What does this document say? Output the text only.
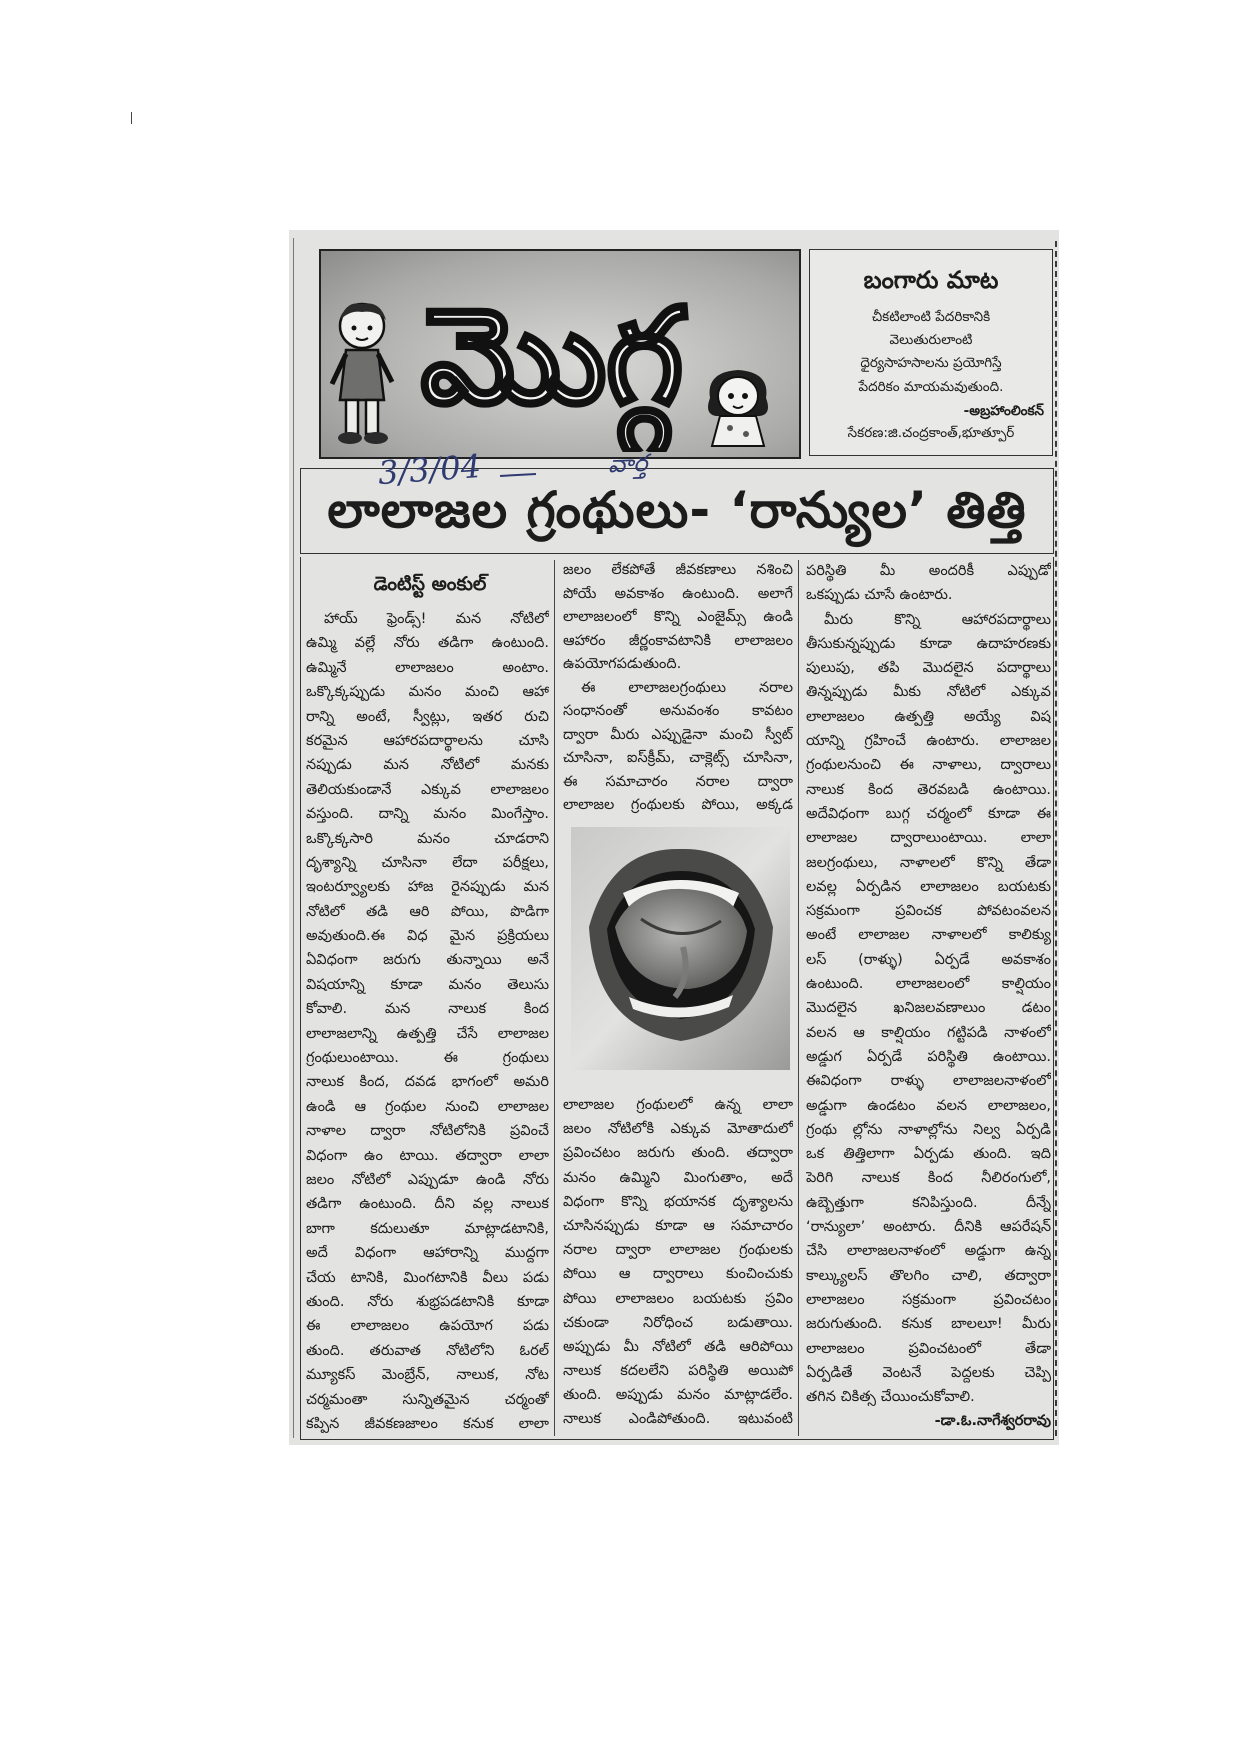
మొగ్గ	బంగారు మాట
చీకటిలాంటి పేదరికానికి
వెలుతురులాంటి
ధైర్యసాహసాలను ప్రయోగిస్తే
పేదరికం మాయమవుతుంది.
-అబ్రహాంలింకన్
సేకరణ:జి.చంద్రకాంత్,భూత్పూర్
లాలాజల గ్రంథులు- ‘రాన్యుల’ తిత్తి
3/3/04	వార్త
డెంటిస్ట్ అంకుల్
హాయ్ ఫ్రెండ్స్! మన నోటిలో
ఉమ్మి వల్లే నోరు తడిగా ఉంటుంది.
ఉమ్మినే లాలాజలం అంటాం.
ఒక్కొక్కప్పుడు మనం మంచి ఆహా
రాన్ని అంటే, స్వీట్లు, ఇతర రుచి
కరమైన ఆహారపదార్థాలను చూసి
నప్పుడు మన నోటిలో మనకు
తెలియకుండానే ఎక్కువ లాలాజలం
వస్తుంది. దాన్ని మనం మింగేస్తాం.
ఒక్కొక్కసారి మనం చూడరాని
దృశ్యాన్ని చూసినా లేదా పరీక్షలు,
ఇంటర్వ్యూలకు హాజ రైనప్పుడు మన
నోటిలో తడి ఆరి పోయి, పొడిగా
అవుతుంది.ఈ విధ మైన ప్రక్రియలు
ఏవిధంగా జరుగు తున్నాయి అనే
విషయాన్ని కూడా మనం తెలుసు
కోవాలి. మన నాలుక కింద
లాలాజలాన్ని ఉత్పత్తి చేసే లాలాజల
గ్రంథులుంటాయి. ఈ గ్రంథులు
నాలుక కింద, దవడ భాగంలో అమరి
ఉండి ఆ గ్రంథుల నుంచి లాలాజల
నాళాల ద్వారా నోటిలోనికి ప్రవించే
విధంగా ఉం టాయి. తద్వారా లాలా
జలం నోటిలో ఎప్పుడూ ఉండి నోరు
తడిగా ఉంటుంది. దీని వల్ల నాలుక
బాగా కదులుతూ మాట్లాడటానికి,
అదే విధంగా ఆహారాన్ని ముద్దగా
చేయ టానికి, మింగటానికి వీలు పడు
తుంది. నోరు శుభ్రపడటానికి కూడా
ఈ లాలాజలం ఉపయోగ పడు
తుంది. తరువాత నోటిలోని ఓరల్
మ్యూకస్ మెంబ్రేన్, నాలుక, నోట
చర్మమంతా సున్నితమైన చర్మంతో
కప్పిన జీవకణజాలం కనుక లాలా
జలం లేకపోతే జీవకణాలు నశించి
పోయే అవకాశం ఉంటుంది. అలాగే
లాలాజలంలో కొన్ని ఎంజైమ్స్ ఉండి
ఆహారం జీర్ణంకావటానికి లాలాజలం
ఉపయోగపడుతుంది.
ఈ లాలాజలగ్రంథులు నరాల
సంధానంతో అనువంశం కావటం
ద్వారా మీరు ఎప్పుడైనా మంచి స్వీట్
చూసినా, ఐస్‌క్రీమ్, చాక్లెట్స్ చూసినా,
ఈ సమాచారం నరాల ద్వారా
లాలాజల గ్రంథులకు పోయి, అక్కడ
లాలాజల గ్రంథులలో ఉన్న లాలా
జలం నోటిలోకి ఎక్కువ మోతాదులో
ప్రవించటం జరుగు తుంది. తద్వారా
మనం ఉమ్మిని మింగుతాం, అదే
విధంగా కొన్ని భయానక దృశ్యాలను
చూసినప్పుడు కూడా ఆ సమాచారం
నరాల ద్వారా లాలాజల గ్రంథులకు
పోయి ఆ ద్వారాలు కుంచించుకు
పోయి లాలాజలం బయటకు స్రవిం
చకుండా నిరోధించ బడుతాయి.
అప్పుడు మీ నోటిలో తడి ఆరిపోయి
నాలుక కదలలేని పరిస్థితి అయిపో
తుంది. అప్పుడు మనం మాట్లాడలేం.
నాలుక ఎండిపోతుంది. ఇటువంటి
పరిస్థితి మీ అందరికీ ఎప్పుడో
ఒకప్పుడు చూసే ఉంటారు.
మీరు కొన్ని ఆహారపదార్థాలు
తీసుకున్నప్పుడు కూడా ఉదాహరణకు
పులుపు, తపి మొదలైన పదార్థాలు
తిన్నప్పుడు మీకు నోటిలో ఎక్కువ
లాలాజలం ఉత్పత్తి అయ్యే విష
యాన్ని గ్రహించే ఉంటారు. లాలాజల
గ్రంథులనుంచి ఈ నాళాలు, ద్వారాలు
నాలుక కింద తెరవబడి ఉంటాయి.
అదేవిధంగా బుగ్గ చర్మంలో కూడా ఈ
లాలాజల ద్వారాలుంటాయి. లాలా
జలగ్రంథులు, నాళాలలో కొన్ని తేడా
లవల్ల ఏర్పడిన లాలాజలం బయటకు
సక్రమంగా ప్రవించక పోవటంవలన
అంటే లాలాజల నాళాలలో కాలిక్యు
లస్ (రాళ్ళు) ఏర్పడే అవకాశం
ఉంటుంది. లాలాజలంలో కాల్షియం
మొదలైన ఖనిజలవణాలుం డటం
వలన ఆ కాల్షియం గట్టిపడి నాళంలో
అడ్డుగ ఏర్పడే పరిస్థితి ఉంటాయి.
ఈవిధంగా రాళ్ళు లాలాజలనాళంలో
అడ్డుగా ఉండటం వలన లాలాజలం,
గ్రంథు ల్లోను నాళాల్లోను నిల్వ ఏర్పడి
ఒక తిత్తిలాగా ఏర్పడు తుంది. ఇది
పెరిగి నాలుక కింద నీలిరంగులో,
ఉబ్బెత్తుగా కనిపిస్తుంది. దీన్నే
‘రాన్యులా’ అంటారు. దీనికి ఆపరేషన్
చేసి లాలాజలనాళంలో అడ్డుగా ఉన్న
కాల్క్యులస్ తొలగిం చాలి, తద్వారా
లాలాజలం సక్రమంగా ప్రవించటం
జరుగుతుంది. కనుక బాలలూ! మీరు
లాలాజలం ప్రవించటంలో తేడా
ఏర్పడితే వెంటనే పెద్దలకు చెప్పి
తగిన చికిత్స చేయించుకోవాలి.
-డా.ఓ.నాగేశ్వరరావు
